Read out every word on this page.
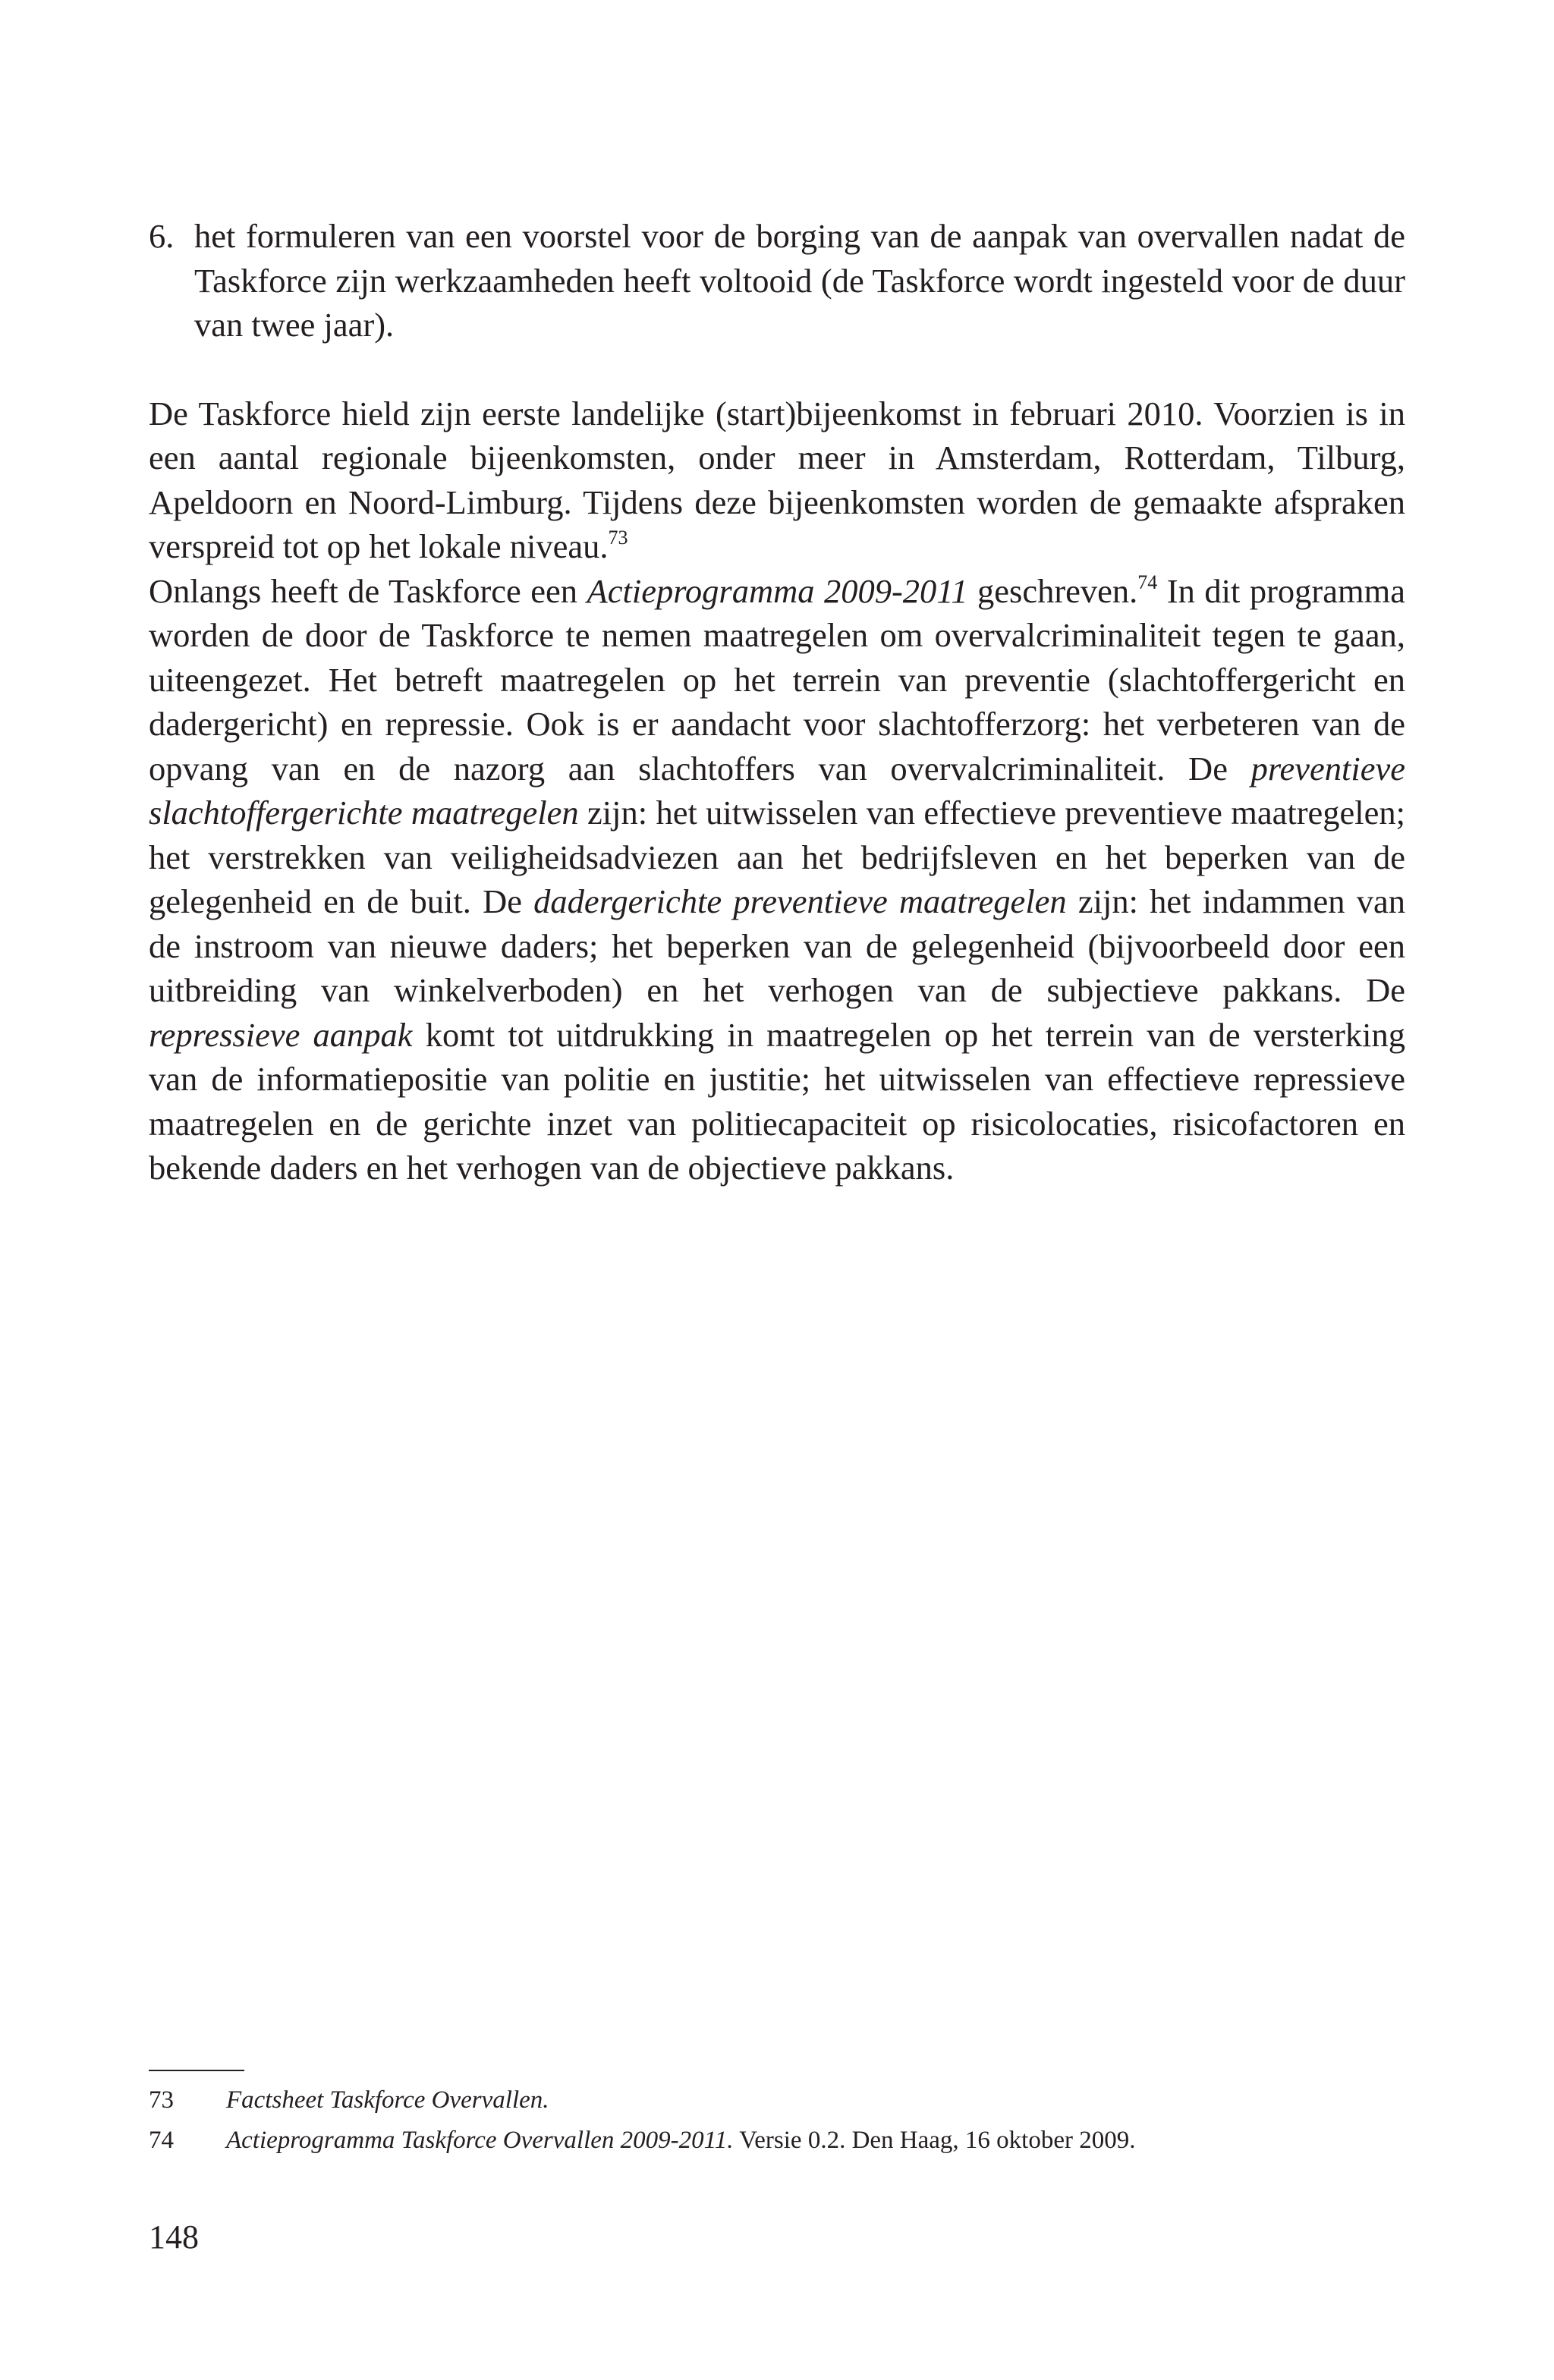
6. het formuleren van een voorstel voor de borging van de aanpak van overvallen nadat de Taskforce zijn werkzaamheden heeft voltooid (de Taskforce wordt ingesteld voor de duur van twee jaar).

De Taskforce hield zijn eerste landelijke (start)bijeenkomst in februari 2010. Voorzien is in een aantal regionale bijeenkomsten, onder meer in Amsterdam, Rotterdam, Tilburg, Apeldoorn en Noord-Limburg. Tijdens deze bijeenkomsten worden de gemaakte afspraken verspreid tot op het lokale niveau.$^{73}$

Onlangs heeft de Taskforce een Actieprogramma 2009-2011 geschreven.$^{74}$ In dit programma worden de door de Taskforce te nemen maatregelen om overvalcriminaliteit tegen te gaan, uiteengezet. Het betreft maatregelen op het terrein van preventie (slachtoffergericht en dadergericht) en repressie. Ook is er aandacht voor slachtofferzorg: het verbeteren van de opvang van en de nazorg aan slachtoffers van overvalcriminaliteit. De preventieve slachtoffergerichte maatregelen zijn: het uitwisselen van effectieve preventieve maatregelen; het verstrekken van veiligheidsadviezen aan het bedrijfsleven en het beperken van de gelegenheid en de buit. De dadergerichte preventieve maatregelen zijn: het indammen van de instroom van nieuwe daders; het beperken van de gelegenheid (bijvoorbeeld door een uitbreiding van winkelverboden) en het verhogen van de subjectieve pakkans. De repressieve aanpak komt tot uitdrukking in maatregelen op het terrein van de versterking van de informatiepositie van politie en justitie; het uitwisselen van effectieve repressieve maatregelen en de gerichte inzet van politiecapaciteit op risicolocaties, risicofactoren en bekende daders en het verhogen van de objectieve pakkans.

73	Factsheet Taskforce Overvallen.
74	Actieprogramma Taskforce Overvallen 2009-2011. Versie 0.2. Den Haag, 16 oktober 2009.
148
